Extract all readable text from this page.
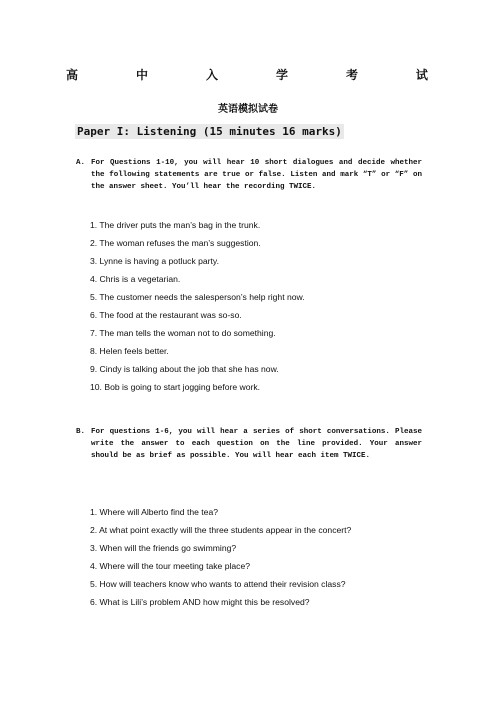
高	中	入	学	考	试
英语模拟试卷
Paper I: Listening (15 minutes 16 marks)
A. For Questions 1-10, you will hear 10 short dialogues and decide whether the following statements are true or false. Listen and mark “T” or “F” on the answer sheet. You’ll hear the recording TWICE.
1. The driver puts the man’s bag in the trunk.
2. The woman refuses the man’s suggestion.
3. Lynne is having a potluck party.
4. Chris is a vegetarian.
5. The customer needs the salesperson’s help right now.
6. The food at the restaurant was so-so.
7. The man tells the woman not to do something.
8. Helen feels better.
9. Cindy is talking about the job that she has now.
10. Bob is going to start jogging before work.
B. For questions 1-6, you will hear a series of short conversations. Please write the answer to each question on the line provided. Your answer should be as brief as possible. You will hear each item TWICE.
1. Where will Alberto find the tea?
2. At what point exactly will the three students appear in the concert?
3. When will the friends go swimming?
4. Where will the tour meeting take place?
5. How will teachers know who wants to attend their revision class?
6. What is Lili’s problem AND how might this be resolved?
